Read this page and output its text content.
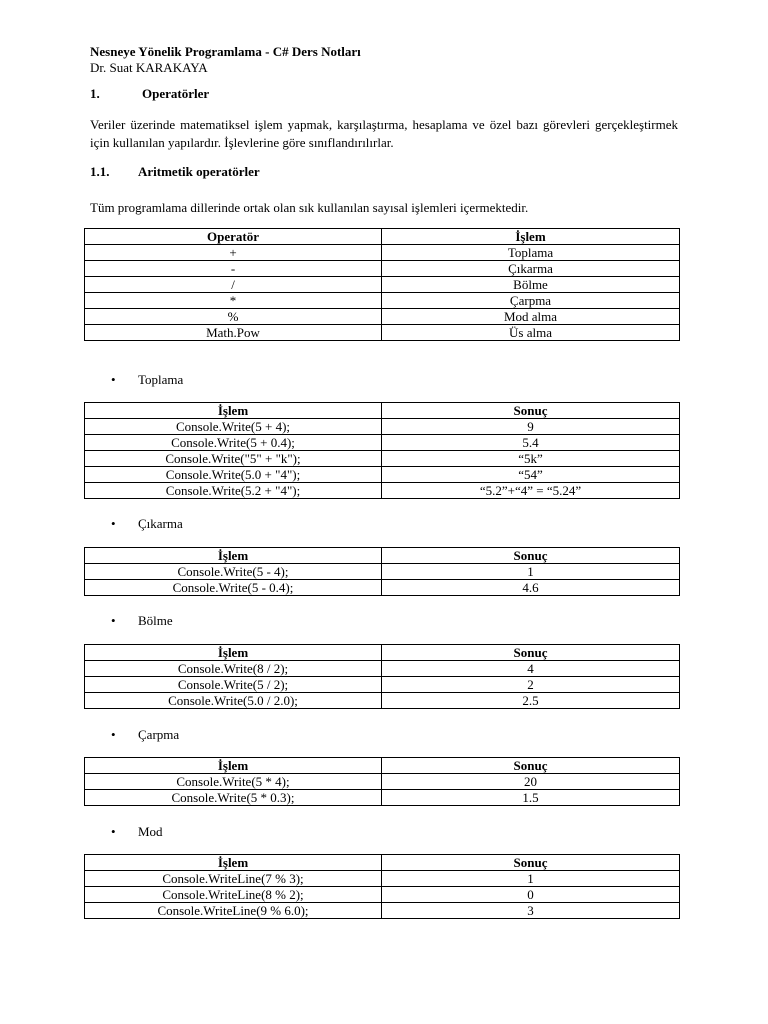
Nesneye Yönelik Programlama - C# Ders Notları
Dr. Suat KARAKAYA
1.	Operatörler
Veriler üzerinde matematiksel işlem yapmak, karşılaştırma, hesaplama ve özel bazı görevleri gerçekleştirmek için kullanılan yapılardır. İşlevlerine göre sınıflandırılırlar.
1.1. Aritmetik operatörler
Tüm programlama dillerinde ortak olan sık kullanılan sayısal işlemleri içermektedir.
Operatör	İşlem
+	Toplama
-	Çıkarma
/	Bölme
*	Çarpma
%	Mod alma
Math.Pow	Üs alma
•Toplama
İşlem	Sonuç
Console.Write(5 + 4);	9
Console.Write(5 + 0.4);	5.4
Console.Write("5" + "k");	“5k”
Console.Write(5.0 + "4");	“54”
Console.Write(5.2 + "4");	“5.2”+“4” = “5.24”
•Çıkarma
İşlem	Sonuç
Console.Write(5 - 4);	1
Console.Write(5 - 0.4);	4.6
•Bölme
İşlem	Sonuç
Console.Write(8 / 2);	4
Console.Write(5 / 2);	2
Console.Write(5.0 / 2.0);	2.5
•Çarpma
İşlem	Sonuç
Console.Write(5 * 4);	20
Console.Write(5 * 0.3);	1.5
•Mod
İşlem	Sonuç
Console.WriteLine(7 % 3);	1
Console.WriteLine(8 % 2);	0
Console.WriteLine(9 % 6.0);	3
